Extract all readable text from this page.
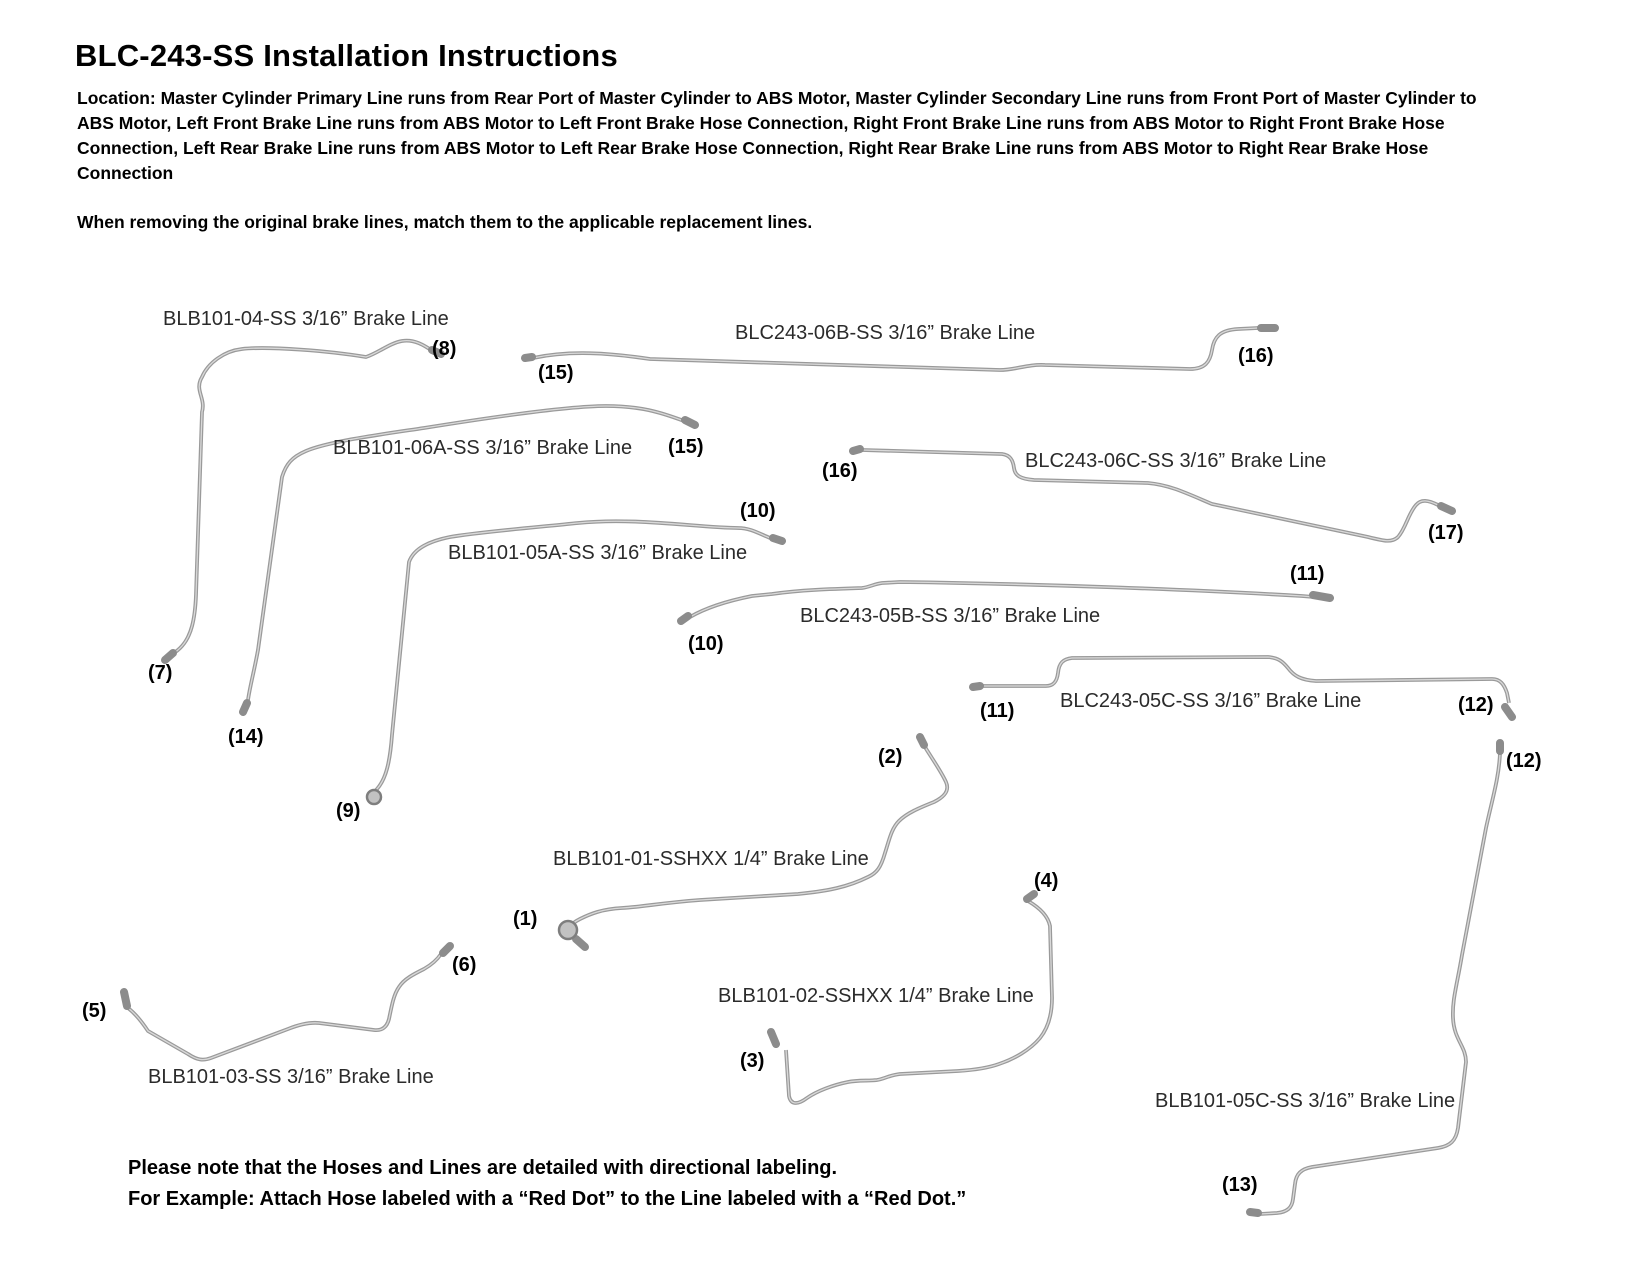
BLC-243-SS Installation Instructions
Location: Master Cylinder Primary Line runs from Rear Port of Master Cylinder to ABS Motor, Master Cylinder Secondary Line runs from Front Port of Master Cylinder to ABS Motor, Left Front Brake Line runs from ABS Motor to Left Front Brake Hose Connection, Right Front Brake Line runs from ABS Motor to Right Front Brake Hose Connection, Left Rear Brake Line runs from ABS Motor to Left Rear Brake Hose Connection, Right Rear Brake Line runs from ABS Motor to Right Rear Brake Hose Connection
When removing the original brake lines, match them to the applicable replacement lines.
BLB101-04-SS 3/16” Brake Line
BLC243-06B-SS 3/16” Brake Line
BLB101-06A-SS 3/16” Brake Line
BLC243-06C-SS 3/16” Brake Line
BLB101-05A-SS 3/16” Brake Line
BLC243-05B-SS 3/16” Brake Line
BLC243-05C-SS 3/16” Brake Line
BLB101-05C-SS 3/16” Brake Line
BLB101-01-SSHXX 1/4” Brake Line
BLB101-02-SSHXX 1/4” Brake Line
BLB101-03-SS 3/16” Brake Line
(8)
(7)
(15)
(16)
(15)
(14)
(16)
(17)
(10)
(9)
(10)
(11)
(11)	(12)
(12)
(13)
(1)
(2)
(3)
(4)
(5)
(6)
Please note that the Hoses and Lines are detailed with directional labeling.
For Example: Attach Hose labeled with a “Red Dot” to the Line labeled with a “Red Dot.”
